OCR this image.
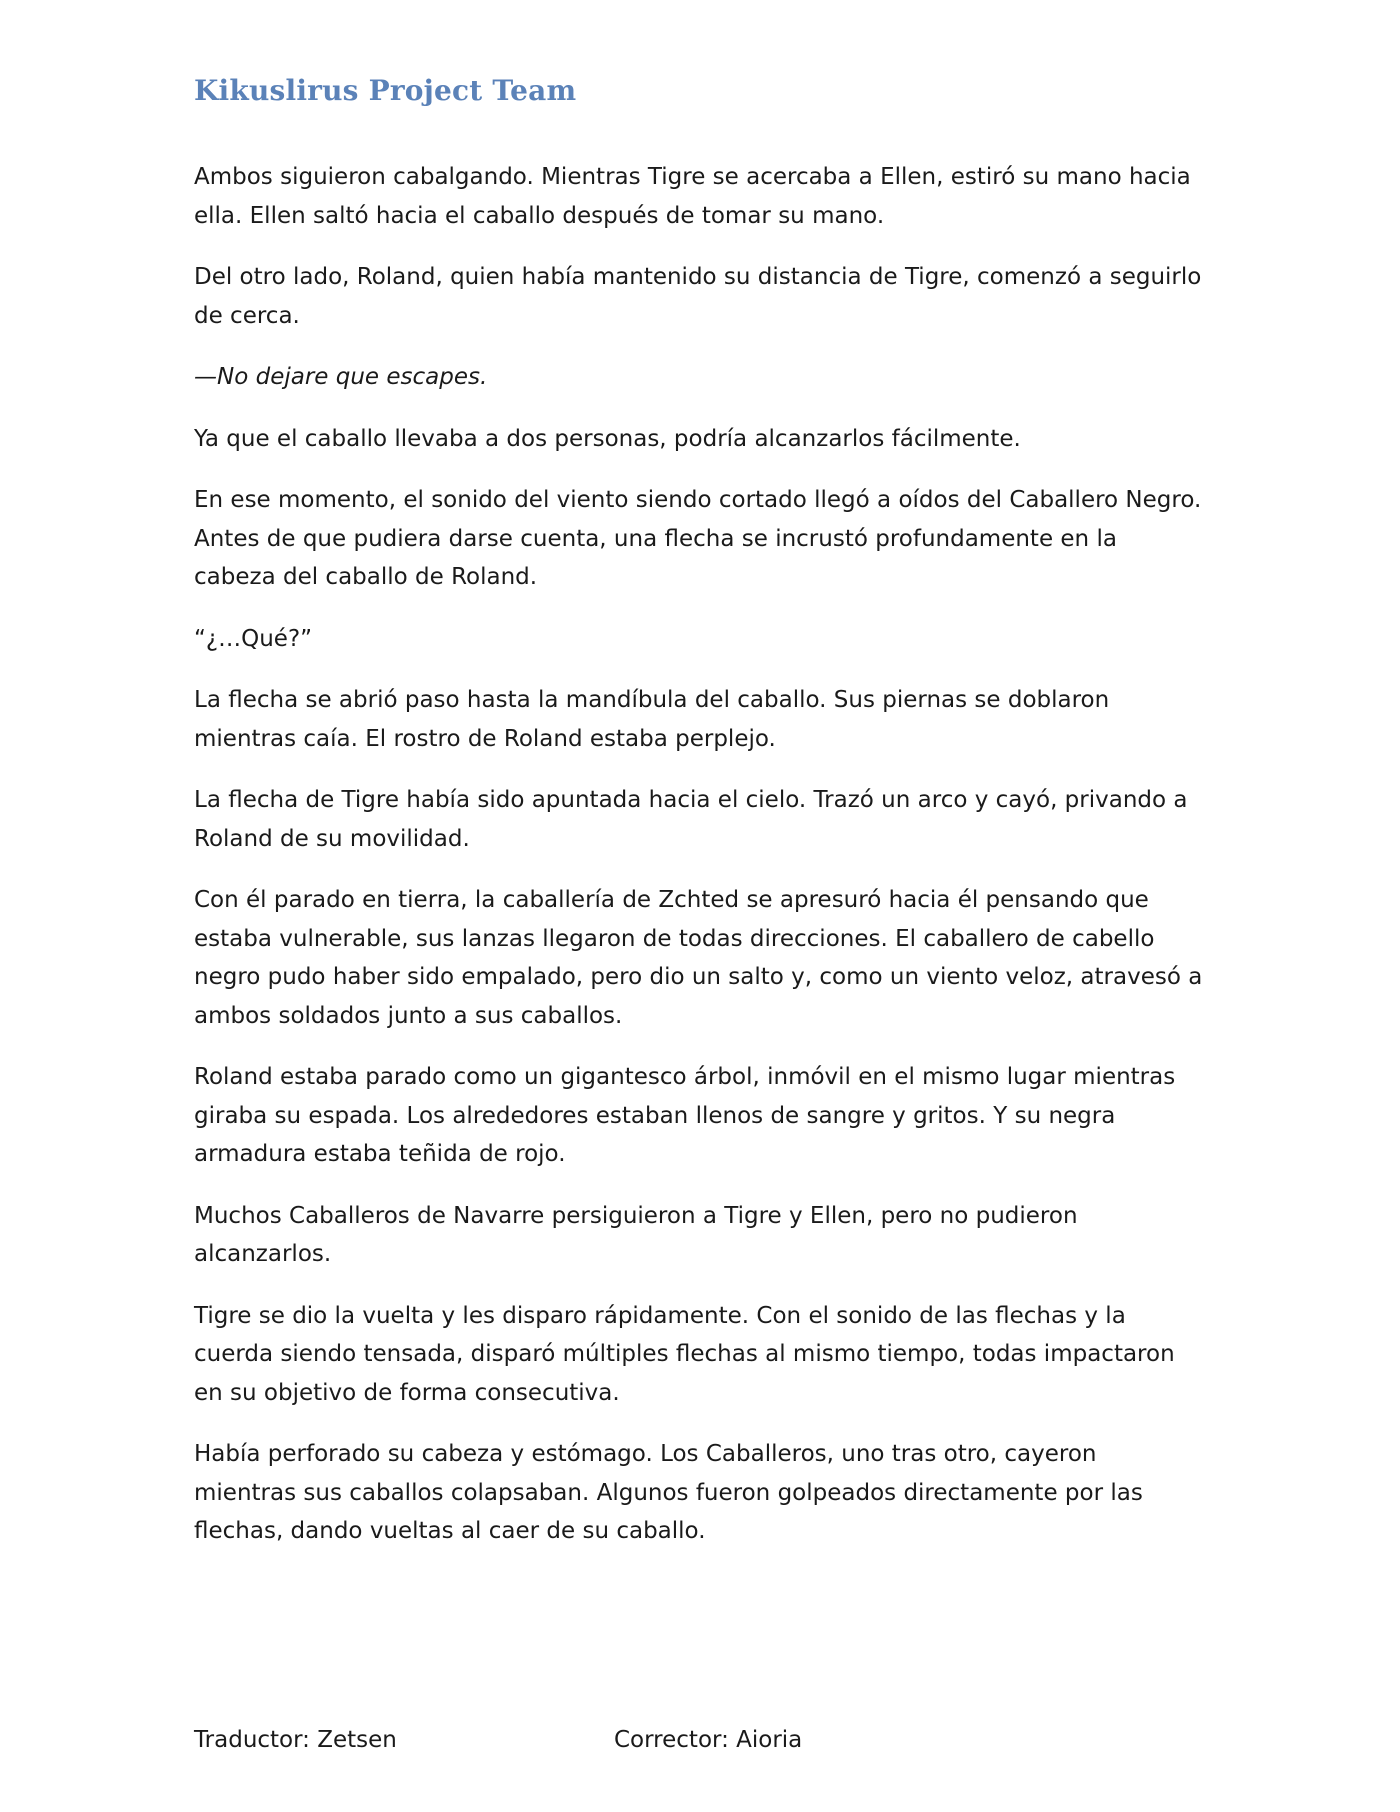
Kikuslirus Project Team

Ambos siguieron cabalgando. Mientras Tigre se acercaba a Ellen, estiró su mano hacia ella. Ellen saltó hacia el caballo después de tomar su mano.

Del otro lado, Roland, quien había mantenido su distancia de Tigre, comenzó a seguirlo de cerca.

—No dejare que escapes.

Ya que el caballo llevaba a dos personas, podría alcanzarlos fácilmente.

En ese momento, el sonido del viento siendo cortado llegó a oídos del Caballero Negro. Antes de que pudiera darse cuenta, una flecha se incrustó profundamente en la cabeza del caballo de Roland.

“¿…Qué?”

La flecha se abrió paso hasta la mandíbula del caballo. Sus piernas se doblaron mientras caía. El rostro de Roland estaba perplejo.

La flecha de Tigre había sido apuntada hacia el cielo. Trazó un arco y cayó, privando a Roland de su movilidad.

Con él parado en tierra, la caballería de Zchted se apresuró hacia él pensando que estaba vulnerable, sus lanzas llegaron de todas direcciones. El caballero de cabello negro pudo haber sido empalado, pero dio un salto y, como un viento veloz, atravesó a ambos soldados junto a sus caballos.

Roland estaba parado como un gigantesco árbol, inmóvil en el mismo lugar mientras giraba su espada. Los alrededores estaban llenos de sangre y gritos. Y su negra armadura estaba teñida de rojo.

Muchos Caballeros de Navarre persiguieron a Tigre y Ellen, pero no pudieron alcanzarlos.

Tigre se dio la vuelta y les disparo rápidamente. Con el sonido de las flechas y la cuerda siendo tensada, disparó múltiples flechas al mismo tiempo, todas impactaron en su objetivo de forma consecutiva.

Había perforado su cabeza y estómago. Los Caballeros, uno tras otro, cayeron mientras sus caballos colapsaban. Algunos fueron golpeados directamente por las flechas, dando vueltas al caer de su caballo.

Traductor: Zetsen	Corrector: Aioria
